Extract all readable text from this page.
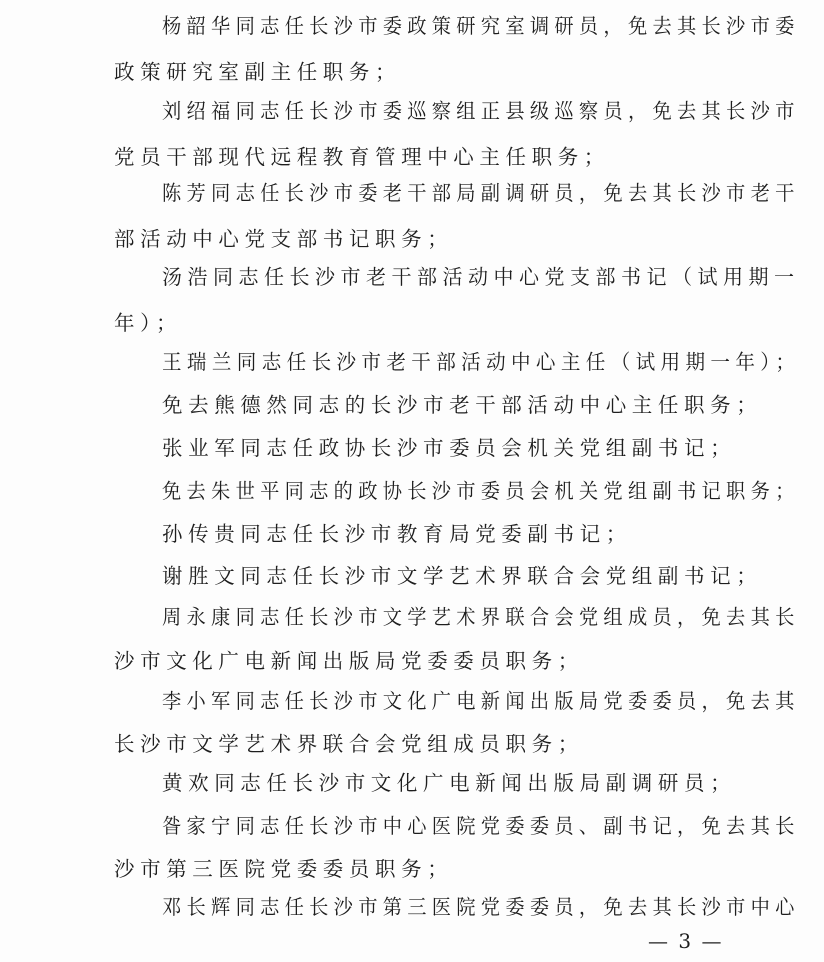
杨韶华同志任长沙市委政策研究室调研员，免去其长沙市委
政策研究室副主任职务；
刘绍福同志任长沙市委巡察组正县级巡察员，免去其长沙市
党员干部现代远程教育管理中心主任职务；
陈芳同志任长沙市委老干部局副调研员，免去其长沙市老干
部活动中心党支部书记职务；
汤浩同志任长沙市老干部活动中心党支部书记（试用期一
年）；
王瑞兰同志任长沙市老干部活动中心主任（试用期一年）；
免去熊德然同志的长沙市老干部活动中心主任职务；
张业军同志任政协长沙市委员会机关党组副书记；
免去朱世平同志的政协长沙市委员会机关党组副书记职务；
孙传贵同志任长沙市教育局党委副书记；
谢胜文同志任长沙市文学艺术界联合会党组副书记；
周永康同志任长沙市文学艺术界联合会党组成员，免去其长
沙市文化广电新闻出版局党委委员职务；
李小军同志任长沙市文化广电新闻出版局党委委员，免去其
长沙市文学艺术界联合会党组成员职务；
黄欢同志任长沙市文化广电新闻出版局副调研员；
昝家宁同志任长沙市中心医院党委委员、副书记，免去其长
沙市第三医院党委委员职务；
邓长辉同志任长沙市第三医院党委委员，免去其长沙市中心
— 3 —
